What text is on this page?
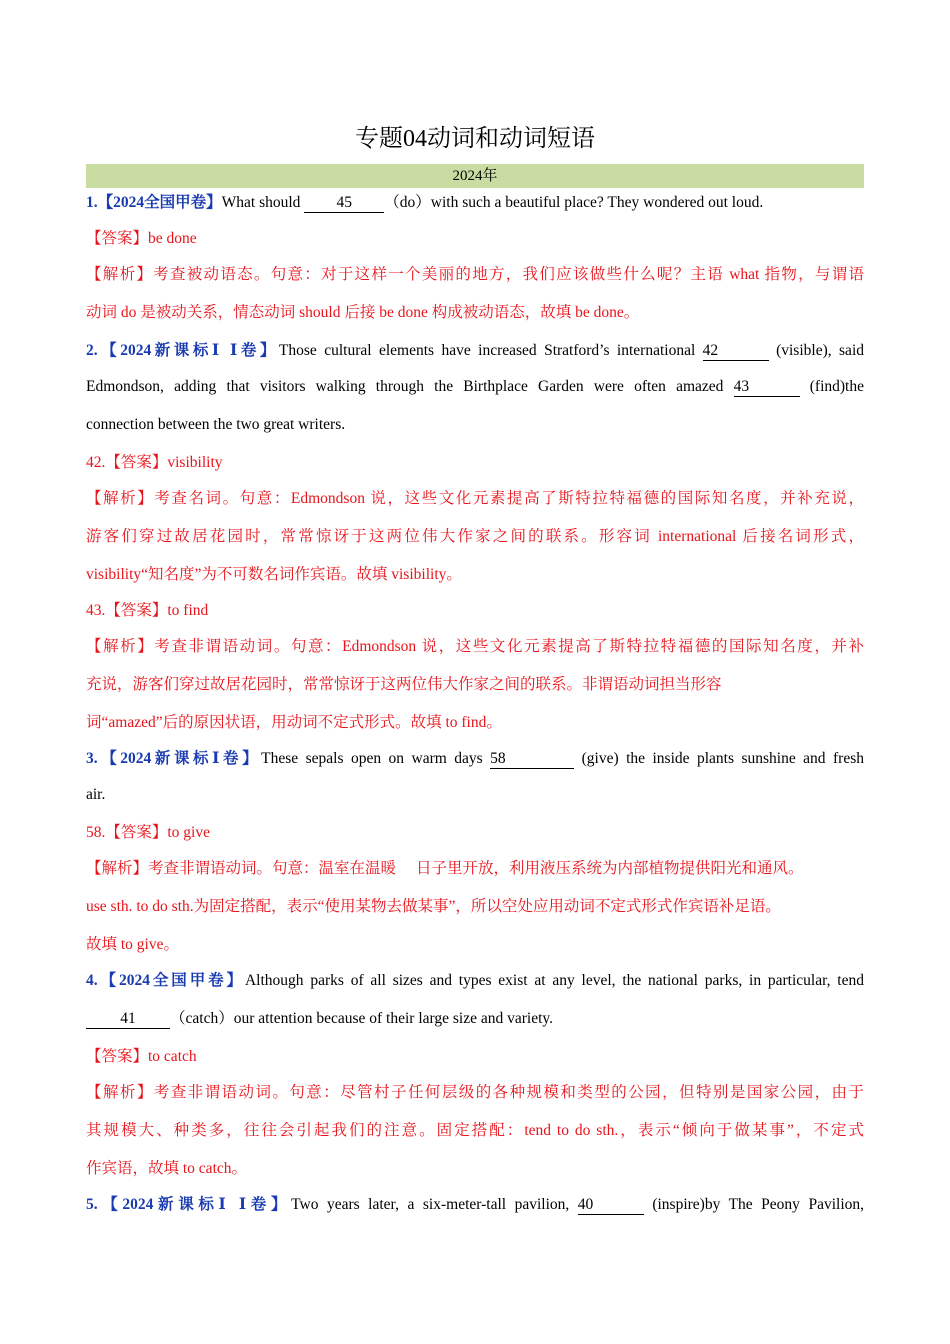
专题04动词和动词短语
2024年
1.【2024全国甲卷】What should 45 （do）with such a beautiful place? They wondered out loud.
【答案】be done
【解析】考查被动语态。句意：对于这样一个美丽的地方，我们应该做些什么呢？主语 what 指物，与谓语
动词 do 是被动关系，情态动词 should 后接 be done 构成被动语态，故填 be done。
2.【2024新课标Ⅰ Ⅰ卷】Those cultural elements have increased Stratford’s international 42	(visible), said
Edmondson, adding that visitors walking through the Birthplace Garden were often amazed 43	(find)the
connection between the two great writers.
42.【答案】visibility
【解析】考查名词。句意：Edmondson 说，这些文化元素提高了斯特拉特福德的国际知名度，并补充说，
游客们穿过故居花园时，常常惊讶于这两位伟大作家之间的联系。形容词 international 后接名词形式，
visibility“知名度”为不可数名词作宾语。故填 visibility。
43.【答案】to find
【解析】考查非谓语动词。句意：Edmondson 说，这些文化元素提高了斯特拉特福德的国际知名度，并补
充说，游客们穿过故居花园时，常常惊讶于这两位伟大作家之间的联系。非谓语动词担当形容
词“amazed”后的原因状语，用动词不定式形式。故填 to find。
3.【2024新课标Ⅰ卷】These sepals open on warm days 58	(give) the inside plants sunshine and fresh
air.
58.【答案】to give
【解析】考查非谓语动词。句意：温室在温暖 日子里开放，利用液压系统为内部植物提供阳光和通风。
use sth. to do sth.为固定搭配，表示“使用某物去做某事”，所以空处应用动词不定式形式作宾语补足语。
故填 to give。
4.【2024全国甲卷】Although parks of all sizes and types exist at any level, the national parks, in particular, tend
41 （catch）our attention because of their large size and variety.
【答案】to catch
【解析】考查非谓语动词。句意：尽管村子任何层级的各种规模和类型的公园，但特别是国家公园，由于
其规模大、种类多，往往会引起我们的注意。固定搭配：tend to do sth.，表示“倾向于做某事”，不定式
作宾语，故填 to catch。
5.【2024新课标Ⅰ Ⅰ卷】Two years later, a six-meter-tall pavilion, 40	(inspire)by The Peony Pavilion,
